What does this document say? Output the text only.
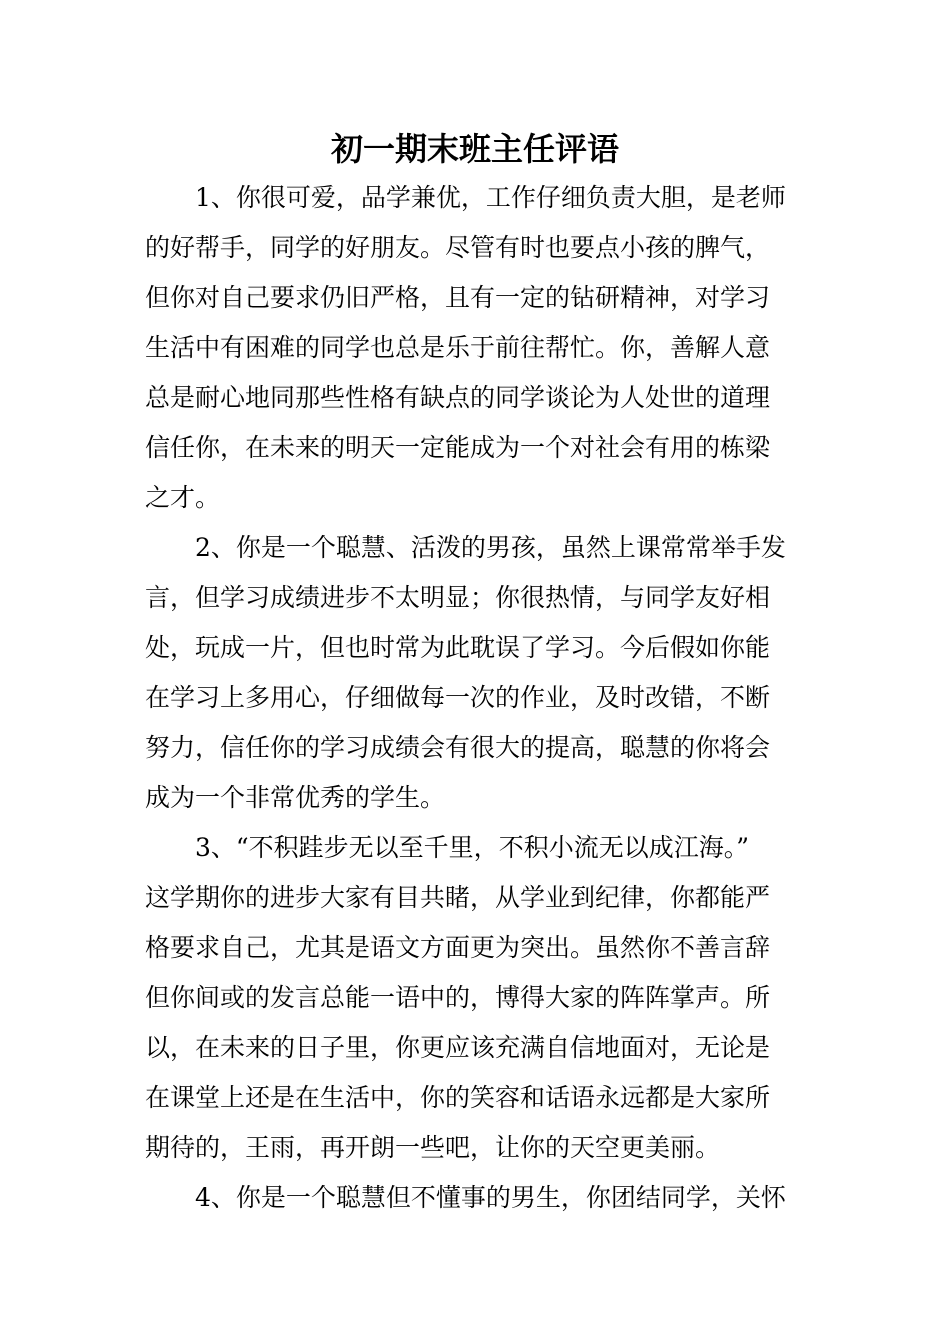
初一期末班主任评语

1、你很可爱，品学兼优，工作仔细负责大胆，是老师

的好帮手，同学的好朋友。尽管有时也要点小孩的脾气，

但你对自己要求仍旧严格，且有一定的钻研精神，对学习

生活中有困难的同学也总是乐于前往帮忙。你，善解人意

总是耐心地同那些性格有缺点的同学谈论为人处世的道理

信任你，在未来的明天一定能成为一个对社会有用的栋梁

之才。

2、你是一个聪慧、活泼的男孩，虽然上课常常举手发

言，但学习成绩进步不太明显；你很热情，与同学友好相

处，玩成一片，但也时常为此耽误了学习。今后假如你能

在学习上多用心，仔细做每一次的作业，及时改错，不断

努力，信任你的学习成绩会有很大的提高，聪慧的你将会

成为一个非常优秀的学生。

3、“不积跬步无以至千里，不积小流无以成江海。”

这学期你的进步大家有目共睹，从学业到纪律，你都能严

格要求自己，尤其是语文方面更为突出。虽然你不善言辞

但你间或的发言总能一语中的，博得大家的阵阵掌声。所

以，在未来的日子里，你更应该充满自信地面对，无论是

在课堂上还是在生活中，你的笑容和话语永远都是大家所

期待的，王雨，再开朗一些吧，让你的天空更美丽。

4、你是一个聪慧但不懂事的男生，你团结同学，关怀
